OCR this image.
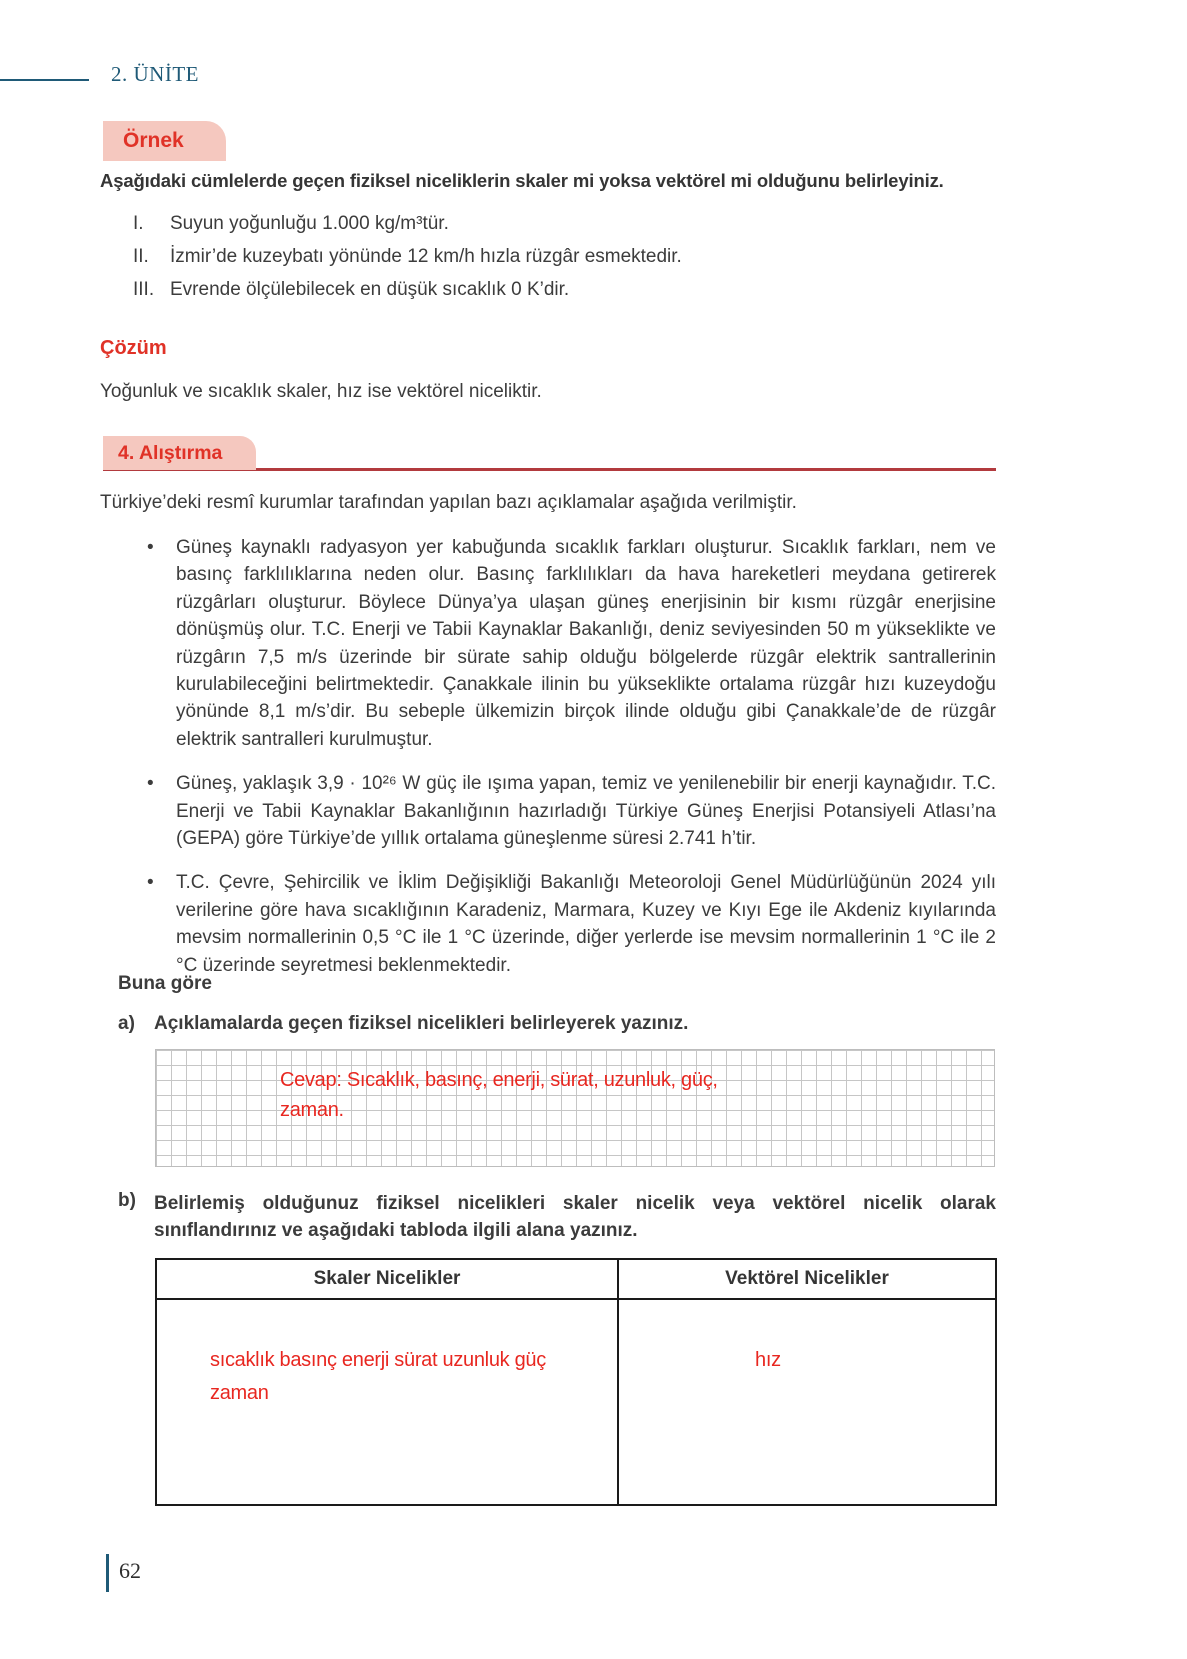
2. ÜNİTE
Örnek
Aşağıdaki cümlelerde geçen fiziksel niceliklerin skaler mi yoksa vektörel mi olduğunu belirleyiniz.
I.	Suyun yoğunluğu 1.000 kg/m³tür.
II.	İzmir’de kuzeybatı yönünde 12 km/h hızla rüzgâr esmektedir.
III. Evrende ölçülebilecek en düşük sıcaklık 0 K’dir.
Çözüm
Yoğunluk ve sıcaklık skaler, hız ise vektörel niceliktir.
4. Alıştırma
Türkiye’deki resmî kurumlar tarafından yapılan bazı açıklamalar aşağıda verilmiştir.
• Güneş kaynaklı radyasyon yer kabuğunda sıcaklık farkları oluşturur. Sıcaklık farkları, nem ve basınç farklılıklarına neden olur. Basınç farklılıkları da hava hareketleri meydana getirerek rüzgârları oluşturur. Böylece Dünya’ya ulaşan güneş enerjisinin bir kısmı rüzgâr enerjisine dönüşmüş olur. T.C. Enerji ve Tabii Kaynaklar Bakanlığı, deniz seviyesinden 50 m yükseklikte ve rüzgârın 7,5 m/s üzerinde bir sürate sahip olduğu bölgelerde rüzgâr elektrik santrallerinin kurulabileceğini belirtmektedir. Çanakkale ilinin bu yükseklikte ortalama rüzgâr hızı kuzeydoğu yönünde 8,1 m/s’dir. Bu sebeple ülkemizin birçok ilinde olduğu gibi Çanakkale’de de rüzgâr elektrik santralleri kurulmuştur.
• Güneş, yaklaşık 3,9 · 10²⁶ W güç ile ışıma yapan, temiz ve yenilenebilir bir enerji kaynağıdır. T.C. Enerji ve Tabii Kaynaklar Bakanlığının hazırladığı Türkiye Güneş Enerjisi Potansiyeli Atlası’na (GEPA) göre Türkiye’de yıllık ortalama güneşlenme süresi 2.741 h’tir.
• T.C. Çevre, Şehircilik ve İklim Değişikliği Bakanlığı Meteoroloji Genel Müdürlüğünün 2024 yılı verilerine göre hava sıcaklığının Karadeniz, Marmara, Kuzey ve Kıyı Ege ile Akdeniz kıyılarında mevsim normallerinin 0,5 °C ile 1 °C üzerinde, diğer yerlerde ise mevsim normallerinin 1 °C ile 2 °C üzerinde seyretmesi beklenmektedir.
Buna göre
a) Açıklamalarda geçen fiziksel nicelikleri belirleyerek yazınız.
Cevap: Sıcaklık, basınç, enerji, sürat, uzunluk, güç,
zaman.
b) Belirlemiş olduğunuz fiziksel nicelikleri skaler nicelik veya vektörel nicelik olarak sınıflandırınız ve aşağıdaki tabloda ilgili alana yazınız.
Skaler Nicelikler	Vektörel Nicelikler
sıcaklık basınç enerji sürat uzunluk güç zaman	hız
62
